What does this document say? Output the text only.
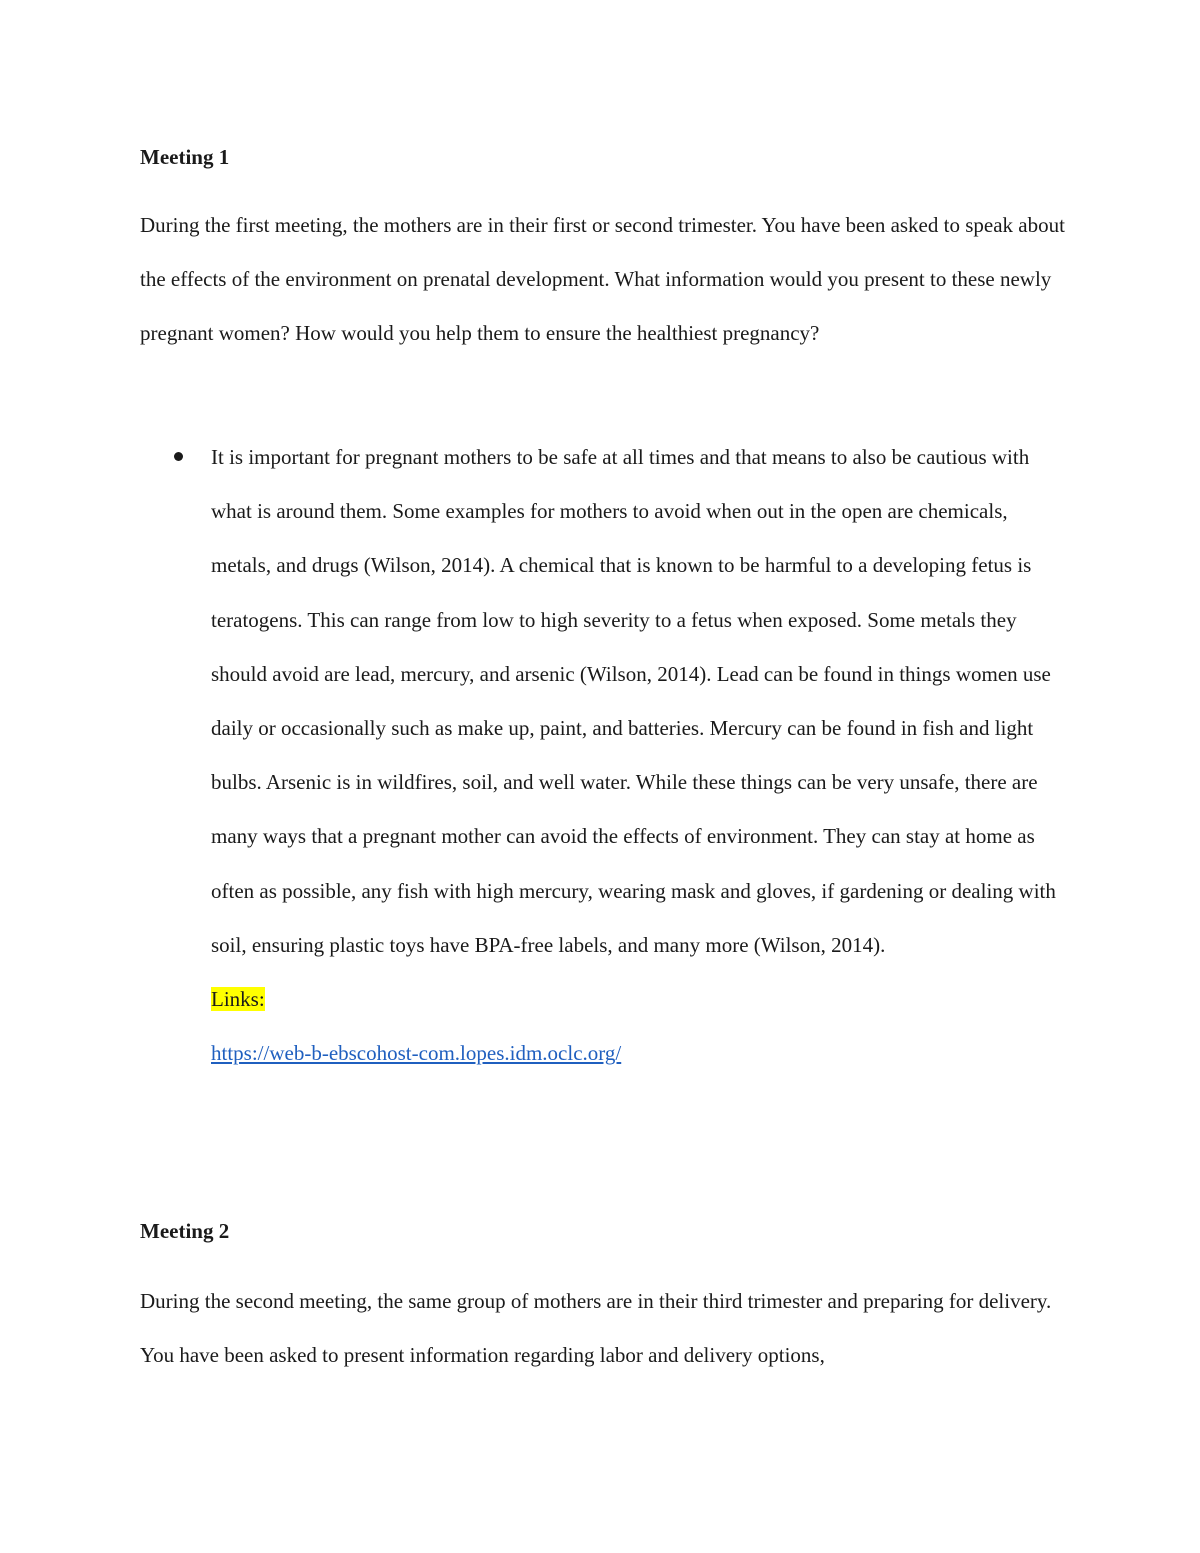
Meeting 1

During the first meeting, the mothers are in their first or second trimester. You have been asked to speak about the effects of the environment on prenatal development. What information would you present to these newly pregnant women? How would you help them to ensure the healthiest pregnancy?

It is important for pregnant mothers to be safe at all times and that means to also be cautious with what is around them. Some examples for mothers to avoid when out in the open are chemicals, metals, and drugs (Wilson, 2014). A chemical that is known to be harmful to a developing fetus is teratogens. This can range from low to high severity to a fetus when exposed. Some metals they should avoid are lead, mercury, and arsenic (Wilson, 2014). Lead can be found in things women use daily or occasionally such as make up, paint, and batteries. Mercury can be found in fish and light bulbs. Arsenic is in wildfires, soil, and well water. While these things can be very unsafe, there are many ways that a pregnant mother can avoid the effects of environment. They can stay at home as often as possible, any fish with high mercury, wearing mask and gloves, if gardening or dealing with soil, ensuring plastic toys have BPA-free labels, and many more (Wilson, 2014).
Links:
https://web-b-ebscohost-com.lopes.idm.oclc.org/
Meeting 2

During the second meeting, the same group of mothers are in their third trimester and preparing for delivery. You have been asked to present information regarding labor and delivery options,
